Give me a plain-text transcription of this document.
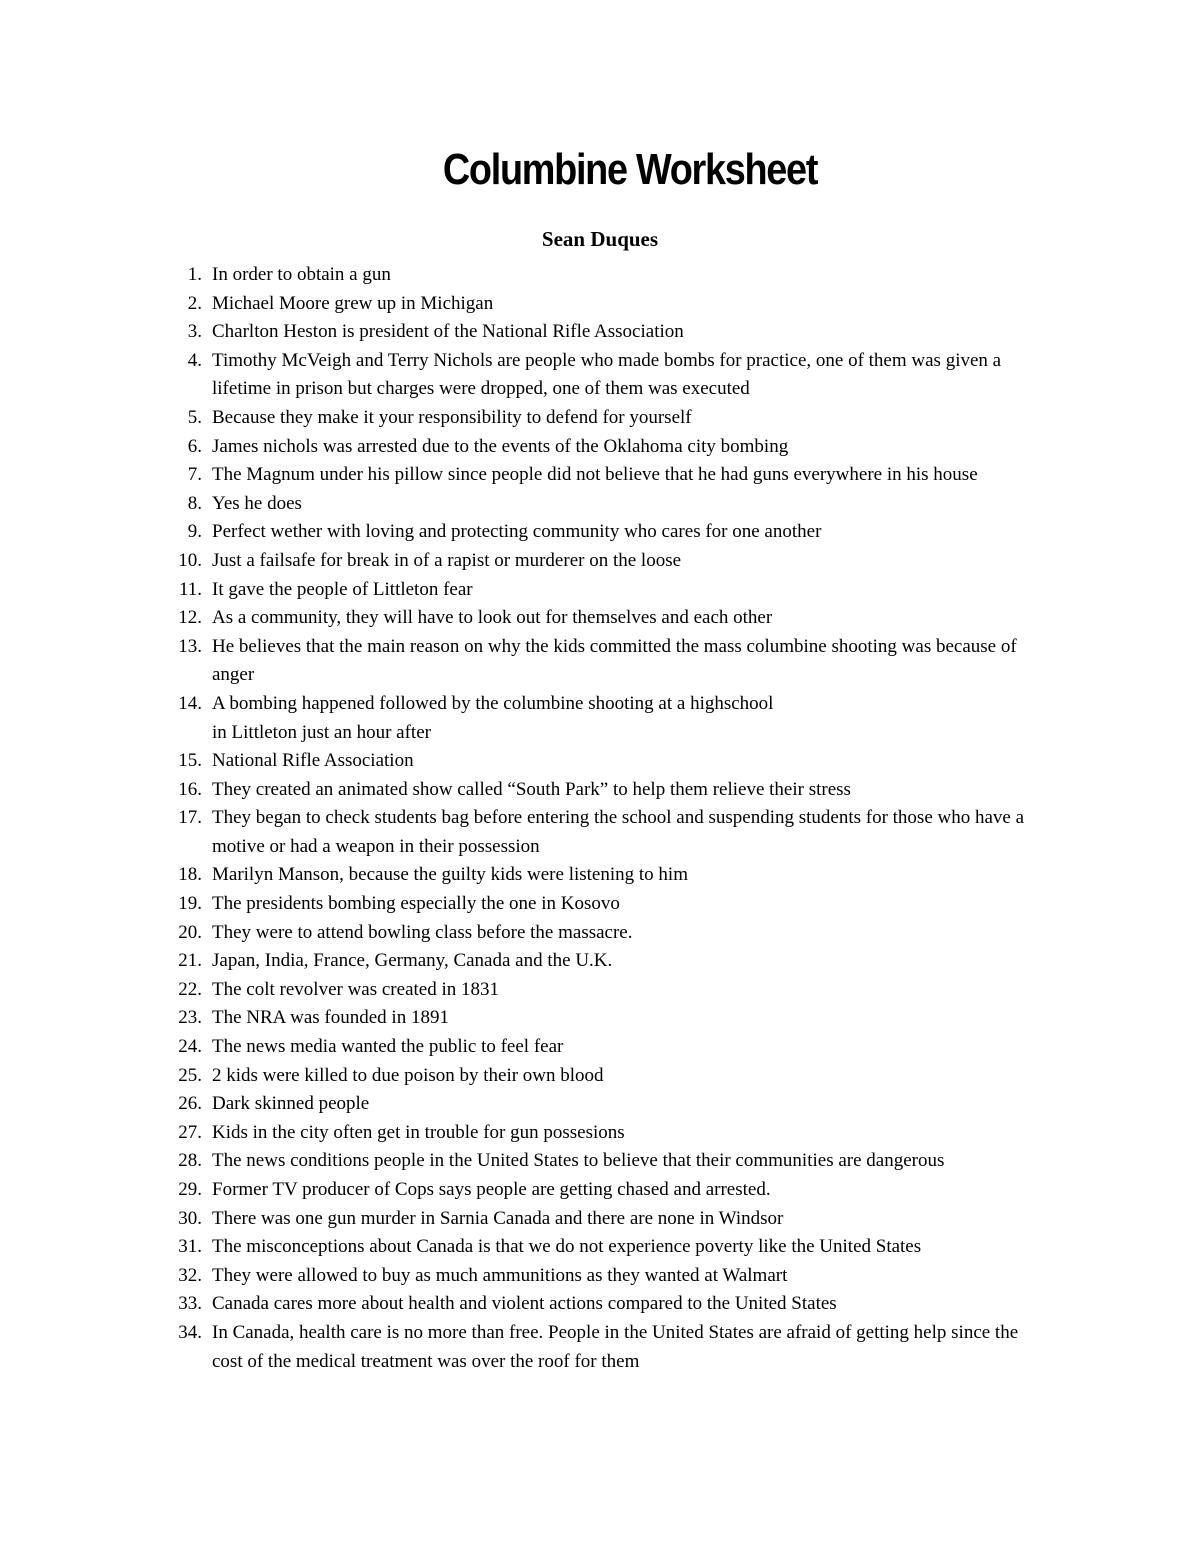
Columbine Worksheet

Sean Duques

1. In order to obtain a gun
2. Michael Moore grew up in Michigan
3. Charlton Heston is president of the National Rifle Association
4. Timothy McVeigh and Terry Nichols are people who made bombs for practice, one of them was given a lifetime in prison but charges were dropped, one of them was executed
5. Because they make it your responsibility to defend for yourself
6. James nichols was arrested due to the events of the Oklahoma city bombing
7. The Magnum under his pillow since people did not believe that he had guns everywhere in his house
8. Yes he does
9. Perfect wether with loving and protecting community who cares for one another
10. Just a failsafe for break in of a rapist or murderer on the loose
11. It gave the people of Littleton fear
12. As a community, they will have to look out for themselves and each other
13. He believes that the main reason on why the kids committed the mass columbine shooting was because of anger
14. A bombing happened followed by the columbine shooting at a highschool
in Littleton just an hour after
15. National Rifle Association
16. They created an animated show called “South Park” to help them relieve their stress
17. They began to check students bag before entering the school and suspending students for those who have a motive or had a weapon in their possession
18. Marilyn Manson, because the guilty kids were listening to him
19. The presidents bombing especially the one in Kosovo
20. They were to attend bowling class before the massacre.
21. Japan, India, France, Germany, Canada and the U.K.
22. The colt revolver was created in 1831
23. The NRA was founded in 1891
24. The news media wanted the public to feel fear
25. 2 kids were killed to due poison by their own blood
26. Dark skinned people
27. Kids in the city often get in trouble for gun possesions
28. The news conditions people in the United States to believe that their communities are dangerous
29. Former TV producer of Cops says people are getting chased and arrested.
30. There was one gun murder in Sarnia Canada and there are none in Windsor
31. The misconceptions about Canada is that we do not experience poverty like the United States
32. They were allowed to buy as much ammunitions as they wanted at Walmart
33. Canada cares more about health and violent actions compared to the United States
34. In Canada, health care is no more than free. People in the United States are afraid of getting help since the cost of the medical treatment was over the roof for them
